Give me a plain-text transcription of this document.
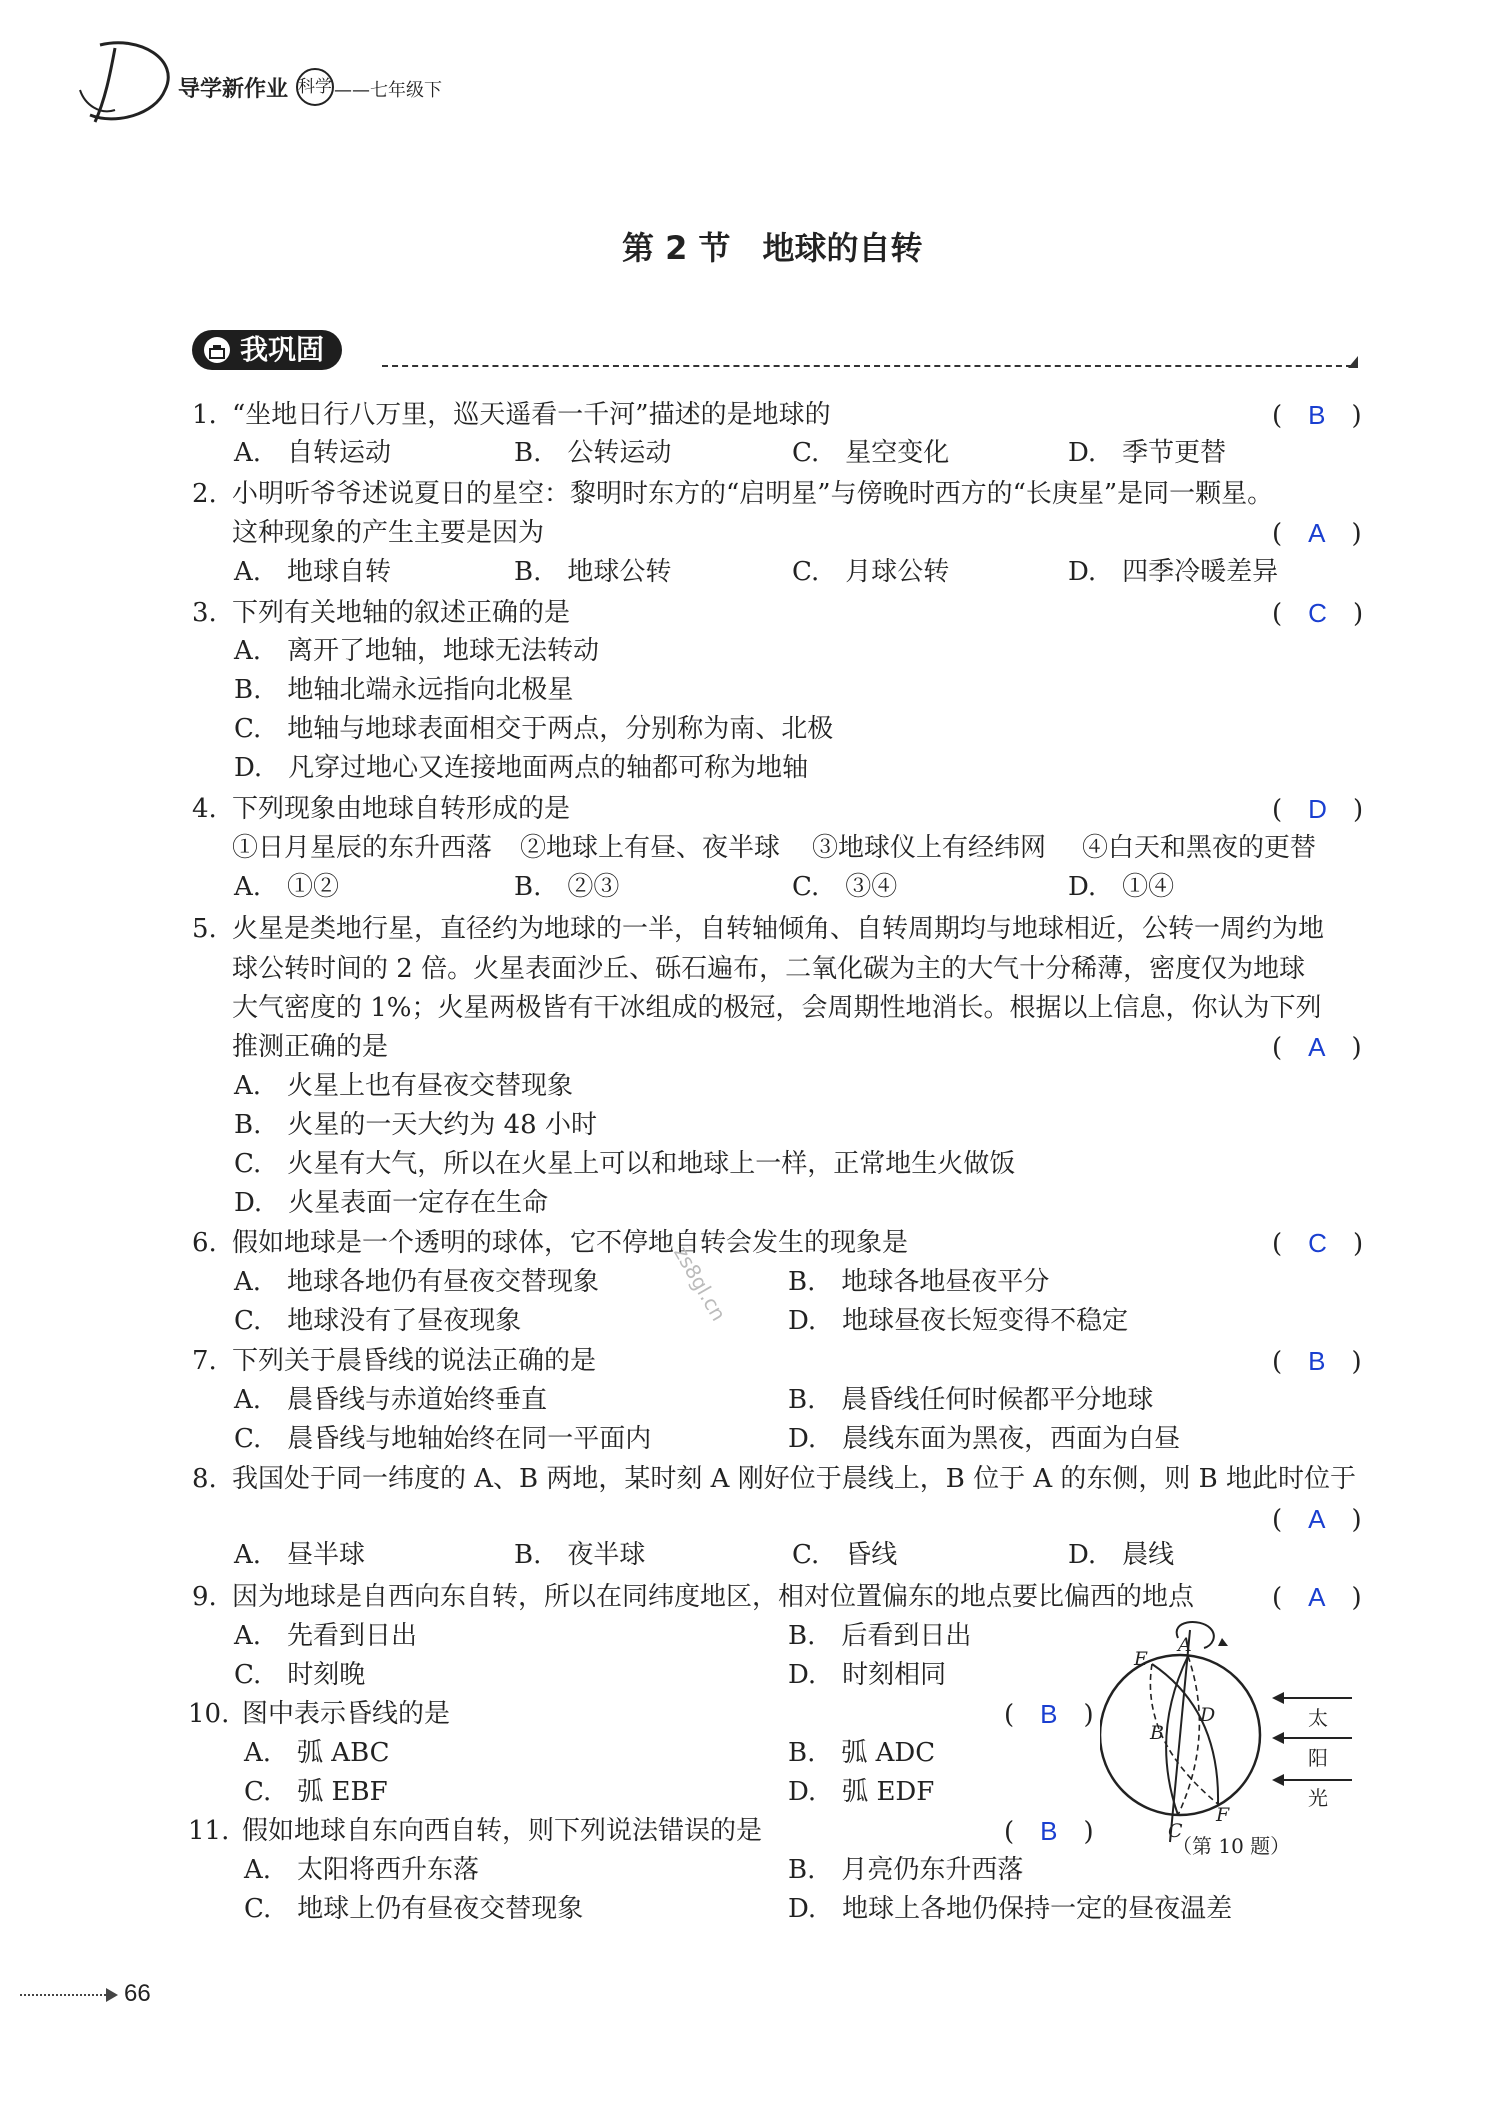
导学新作业 科学 ——七年级下
第 2 节　地球的自转
我巩固
1. “坐地日行八万里，巡天遥看一千河”描述的是地球的	(　B　)
A.　自转运动	B.　公转运动	C.　星空变化	D.　季节更替
2. 小明听爷爷述说夏日的星空：黎明时东方的“启明星”与傍晚时西方的“长庚星”是同一颗星。
这种现象的产生主要是因为	(　A　)
A.　地球自转	B.　地球公转	C.　月球公转	D.　四季冷暖差异
3. 下列有关地轴的叙述正确的是	(　C　)
A.　离开了地轴，地球无法转动
B.　地轴北端永远指向北极星
C.　地轴与地球表面相交于两点，分别称为南、北极
D.　凡穿过地心又连接地面两点的轴都可称为地轴
4. 下列现象由地球自转形成的是	(　D　)
①日月星辰的东升西落 ②地球上有昼、夜半球 ③地球仪上有经纬网 ④白天和黑夜的更替
A.　①②	B.　②③	C.　③④	D.　①④
5. 火星是类地行星，直径约为地球的一半，自转轴倾角、自转周期均与地球相近，公转一周约为地
球公转时间的 2 倍。火星表面沙丘、砾石遍布，二氧化碳为主的大气十分稀薄，密度仅为地球
大气密度的 1%；火星两极皆有干冰组成的极冠，会周期性地消长。根据以上信息，你认为下列
推测正确的是	(　A　)
A.　火星上也有昼夜交替现象
B.　火星的一天大约为 48 小时
C.　火星有大气，所以在火星上可以和地球上一样，正常地生火做饭
D.　火星表面一定存在生命
6. 假如地球是一个透明的球体，它不停地自转会发生的现象是	(　C　)
A.　地球各地仍有昼夜交替现象	B.　地球各地昼夜平分
C.　地球没有了昼夜现象	D.　地球昼夜长短变得不稳定
zs8gl.cn
7. 下列关于晨昏线的说法正确的是	(　B　)
A.　晨昏线与赤道始终垂直	B.　晨昏线任何时候都平分地球
C.　晨昏线与地轴始终在同一平面内	D.　晨线东面为黑夜，西面为白昼
8. 我国处于同一纬度的 A、B 两地，某时刻 A 刚好位于晨线上，B 位于 A 的东侧，则 B 地此时位于
(　A　)
A.　昼半球	B.　夜半球	C.　昏线	D.　晨线
9. 因为地球是自西向东自转，所以在同纬度地区，相对位置偏东的地点要比偏西的地点	(　A　)
A.　先看到日出	B.　后看到日出
C.　时刻晚	D.　时刻相同
10. 图中表示昏线的是	(　B　)
A.　弧 ABC	B.　弧 ADC
C.　弧 EBF	D.　弧 EDF
11. 假如地球自东向西自转，则下列说法错误的是	(　B　)
A.　太阳将西升东落	B.　月亮仍东升西落
C.　地球上仍有昼夜交替现象	D.　地球上各地仍保持一定的昼夜温差
E
A
B
D
C
F
太
阳
光
（第 10 题）
66
